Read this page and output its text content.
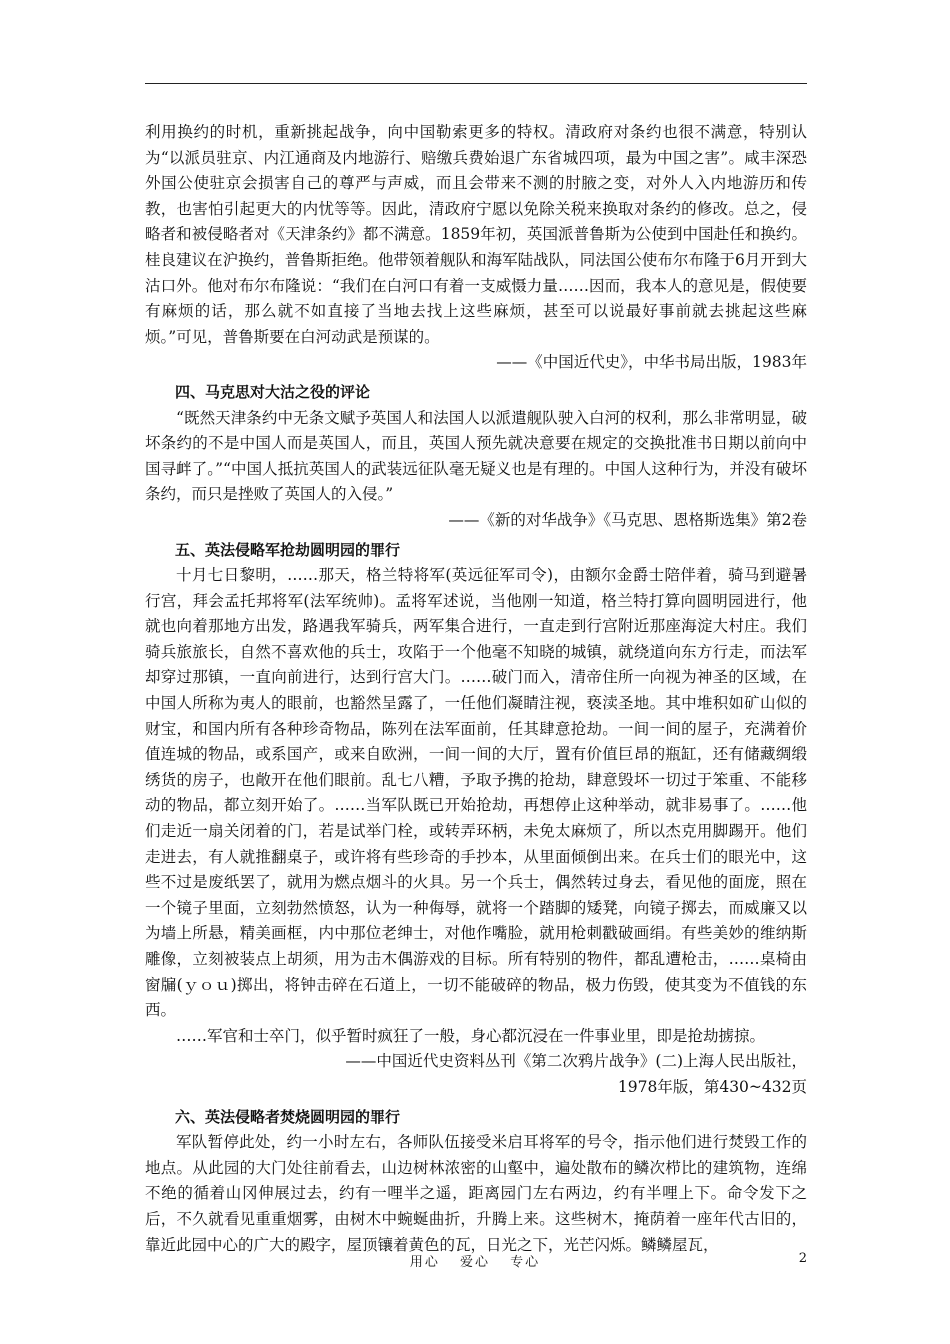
利用换约的时机，重新挑起战争，向中国勒索更多的特权。清政府对条约也很不满意，特别认为“以派员驻京、内江通商及内地游行、赔缴兵费始退广东省城四项，最为中国之害”。咸丰深恐外国公使驻京会损害自己的尊严与声威，而且会带来不测的肘腋之变，对外人入内地游历和传教，也害怕引起更大的内忧等等。因此，清政府宁愿以免除关税来换取对条约的修改。总之，侵略者和被侵略者对《天津条约》都不满意。1859年初，英国派普鲁斯为公使到中国赴任和换约。桂良建议在沪换约，普鲁斯拒绝。他带领着舰队和海军陆战队，同法国公使布尔布隆于6月开到大沽口外。他对布尔布隆说：“我们在白河口有着一支威慑力量……因而，我本人的意见是，假使要有麻烦的话，那么就不如直接了当地去找上这些麻烦，甚至可以说最好事前就去挑起这些麻烦。”可见，普鲁斯要在白河动武是预谋的。

——《中国近代史》，中华书局出版，1983年

四、马克思对大沽之役的评论

“既然天津条约中无条文赋予英国人和法国人以派遣舰队驶入白河的权利，那么非常明显，破坏条约的不是中国人而是英国人，而且，英国人预先就决意要在规定的交换批准书日期以前向中国寻衅了。”“中国人抵抗英国人的武装远征队毫无疑义也是有理的。中国人这种行为，并没有破坏条约，而只是挫败了英国人的入侵。”

——《新的对华战争》《马克思、恩格斯选集》第2卷

五、英法侵略军抢劫圆明园的罪行

十月七日黎明，……那天，格兰特将军(英远征军司令)，由额尔金爵士陪伴着，骑马到避暑行宫，拜会孟托邦将军(法军统帅)。孟将军述说，当他刚一知道，格兰特打算向圆明园进行，他就也向着那地方出发，路遇我军骑兵，两军集合进行，一直走到行宫附近那座海淀大村庄。我们骑兵旅旅长，自然不喜欢他的兵士，攻陷于一个他毫不知晓的城镇，就绕道向东方行走，而法军却穿过那镇，一直向前进行，达到行宫大门。……破门而入，清帝住所一向视为神圣的区域，在中国人所称为夷人的眼前，也豁然呈露了，一任他们凝睛注视，亵渎圣地。其中堆积如矿山似的财宝，和国内所有各种珍奇物品，陈列在法军面前，任其肆意抢劫。一间一间的屋子，充满着价值连城的物品，或系国产，或来自欧洲，一间一间的大厅，置有价值巨昂的瓶缸，还有储藏绸缎绣货的房子，也敞开在他们眼前。乱七八糟，予取予携的抢劫，肆意毁坏一切过于笨重、不能移动的物品，都立刻开始了。……当军队既已开始抢劫，再想停止这种举动，就非易事了。……他们走近一扇关闭着的门，若是试举门栓，或转弄环柄，未免太麻烦了，所以杰克用脚踢开。他们走进去，有人就推翻桌子，或许将有些珍奇的手抄本，从里面倾倒出来。在兵士们的眼光中，这些不过是废纸罢了，就用为燃点烟斗的火具。另一个兵士，偶然转过身去，看见他的面庞，照在一个镜子里面，立刻勃然愤怒，认为一种侮辱，就将一个踏脚的矮凳，向镜子掷去，而威廉又以为墙上所悬，精美画框，内中那位老绅士，对他作嘴脸，就用枪刺戳破画绢。有些美妙的维纳斯雕像，立刻被装点上胡须，用为击木偶游戏的目标。所有特别的物件，都乱遭枪击，……桌椅由窗牖(ｙｏｕ)掷出，将钟击碎在石道上，一切不能破碎的物品，极力伤毁，使其变为不值钱的东西。

……军官和士卒门，似乎暂时疯狂了一般，身心都沉浸在一件事业里，即是抢劫掳掠。

——中国近代史资料丛刊《第二次鸦片战争》(二)上海人民出版社，

1978年版，第430~432页

六、英法侵略者焚烧圆明园的罪行

军队暂停此处，约一小时左右，各师队伍接受米启耳将军的号令，指示他们进行焚毁工作的地点。从此园的大门处往前看去，山边树林浓密的山壑中，遍处散布的鳞次栉比的建筑物，连绵不绝的循着山冈伸展过去，约有一哩半之遥，距离园门左右两边，约有半哩上下。命令发下之后，不久就看见重重烟雾，由树木中蜿蜒曲折，升腾上来。这些树木，掩荫着一座年代古旧的，靠近此园中心的广大的殿字，屋顶镶着黄色的瓦，日光之下，光芒闪烁。鳞鳞屋瓦，

用心 爱心 专心	2
